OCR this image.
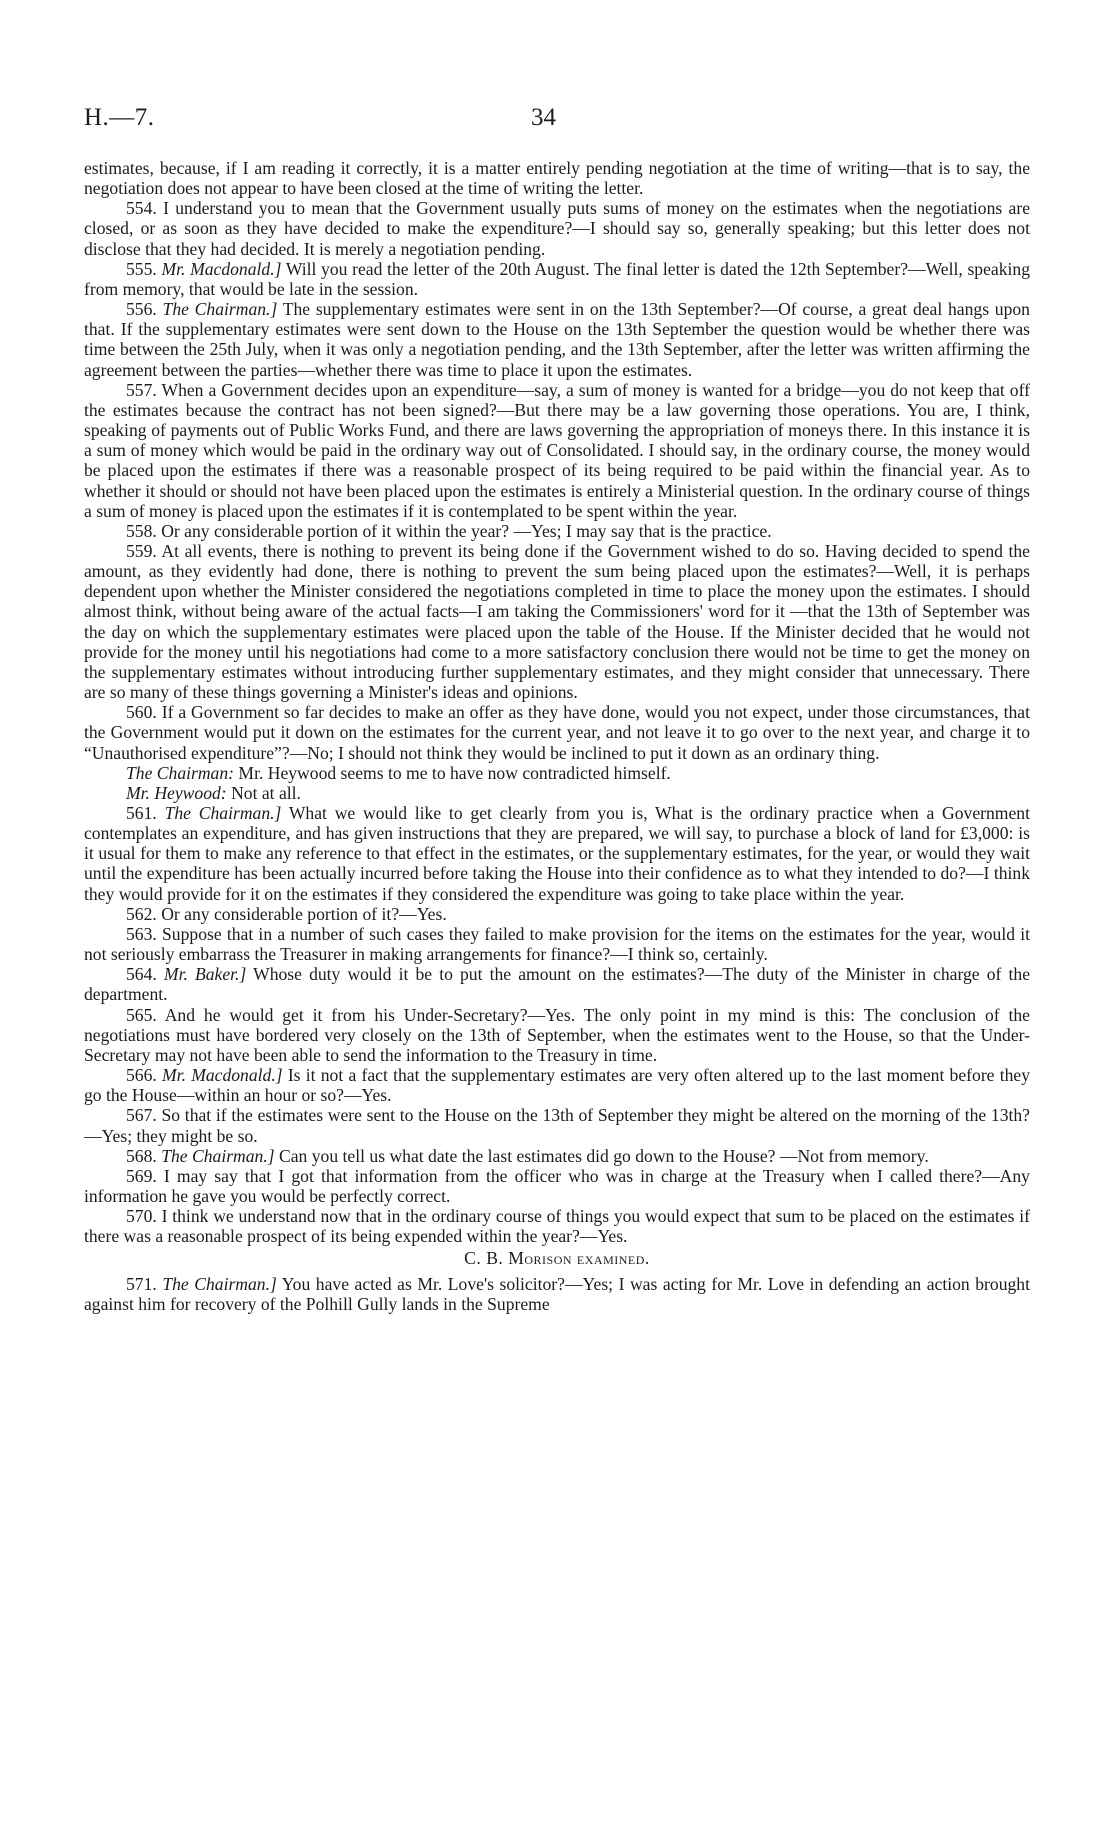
H.—7.	34

estimates, because, if I am reading it correctly, it is a matter entirely pending negotiation at the time of writing—that is to say, the negotiation does not appear to have been closed at the time of writing the letter.

554. I understand you to mean that the Government usually puts sums of money on the estimates when the negotiations are closed, or as soon as they have decided to make the expenditure?—I should say so, generally speaking; but this letter does not disclose that they had decided. It is merely a negotiation pending.

555. Mr. Macdonald.] Will you read the letter of the 20th August. The final letter is dated the 12th September?—Well, speaking from memory, that would be late in the session.

556. The Chairman.] The supplementary estimates were sent in on the 13th September?—Of course, a great deal hangs upon that. If the supplementary estimates were sent down to the House on the 13th September the question would be whether there was time between the 25th July, when it was only a negotiation pending, and the 13th September, after the letter was written affirming the agreement between the parties—whether there was time to place it upon the estimates.

557. When a Government decides upon an expenditure—say, a sum of money is wanted for a bridge—you do not keep that off the estimates because the contract has not been signed?—But there may be a law governing those operations. You are, I think, speaking of payments out of Public Works Fund, and there are laws governing the appropriation of moneys there. In this instance it is a sum of money which would be paid in the ordinary way out of Consolidated. I should say, in the ordinary course, the money would be placed upon the estimates if there was a reasonable prospect of its being required to be paid within the financial year. As to whether it should or should not have been placed upon the estimates is entirely a Ministerial question. In the ordinary course of things a sum of money is placed upon the estimates if it is contemplated to be spent within the year.

558. Or any considerable portion of it within the year? —Yes; I may say that is the practice.

559. At all events, there is nothing to prevent its being done if the Government wished to do so. Having decided to spend the amount, as they evidently had done, there is nothing to prevent the sum being placed upon the estimates?—Well, it is perhaps dependent upon whether the Minister considered the negotiations completed in time to place the money upon the estimates. I should almost think, without being aware of the actual facts—I am taking the Commissioners' word for it —that the 13th of September was the day on which the supplementary estimates were placed upon the table of the House. If the Minister decided that he would not provide for the money until his negotiations had come to a more satisfactory conclusion there would not be time to get the money on the supplementary estimates without introducing further supplementary estimates, and they might consider that unnecessary. There are so many of these things governing a Minister's ideas and opinions.

560. If a Government so far decides to make an offer as they have done, would you not expect, under those circumstances, that the Government would put it down on the estimates for the current year, and not leave it to go over to the next year, and charge it to “Unauthorised expenditure”?—No; I should not think they would be inclined to put it down as an ordinary thing.

The Chairman: Mr. Heywood seems to me to have now contradicted himself.

Mr. Heywood: Not at all.

561. The Chairman.] What we would like to get clearly from you is, What is the ordinary practice when a Government contemplates an expenditure, and has given instructions that they are prepared, we will say, to purchase a block of land for £3,000: is it usual for them to make any reference to that effect in the estimates, or the supplementary estimates, for the year, or would they wait until the expenditure has been actually incurred before taking the House into their confidence as to what they intended to do?—I think they would provide for it on the estimates if they considered the expenditure was going to take place within the year.

562. Or any considerable portion of it?—Yes.

563. Suppose that in a number of such cases they failed to make provision for the items on the estimates for the year, would it not seriously embarrass the Treasurer in making arrangements for finance?—I think so, certainly.

564. Mr. Baker.] Whose duty would it be to put the amount on the estimates?—The duty of the Minister in charge of the department.

565. And he would get it from his Under-Secretary?—Yes. The only point in my mind is this: The conclusion of the negotiations must have bordered very closely on the 13th of September, when the estimates went to the House, so that the Under-Secretary may not have been able to send the information to the Treasury in time.

566. Mr. Macdonald.] Is it not a fact that the supplementary estimates are very often altered up to the last moment before they go the House—within an hour or so?—Yes.

567. So that if the estimates were sent to the House on the 13th of September they might be altered on the morning of the 13th?—Yes; they might be so.

568. The Chairman.] Can you tell us what date the last estimates did go down to the House? —Not from memory.

569. I may say that I got that information from the officer who was in charge at the Treasury when I called there?—Any information he gave you would be perfectly correct.

570. I think we understand now that in the ordinary course of things you would expect that sum to be placed on the estimates if there was a reasonable prospect of its being expended within the year?—Yes.

C. B. Morison examined.

571. The Chairman.] You have acted as Mr. Love's solicitor?—Yes; I was acting for Mr. Love in defending an action brought against him for recovery of the Polhill Gully lands in the Supreme
